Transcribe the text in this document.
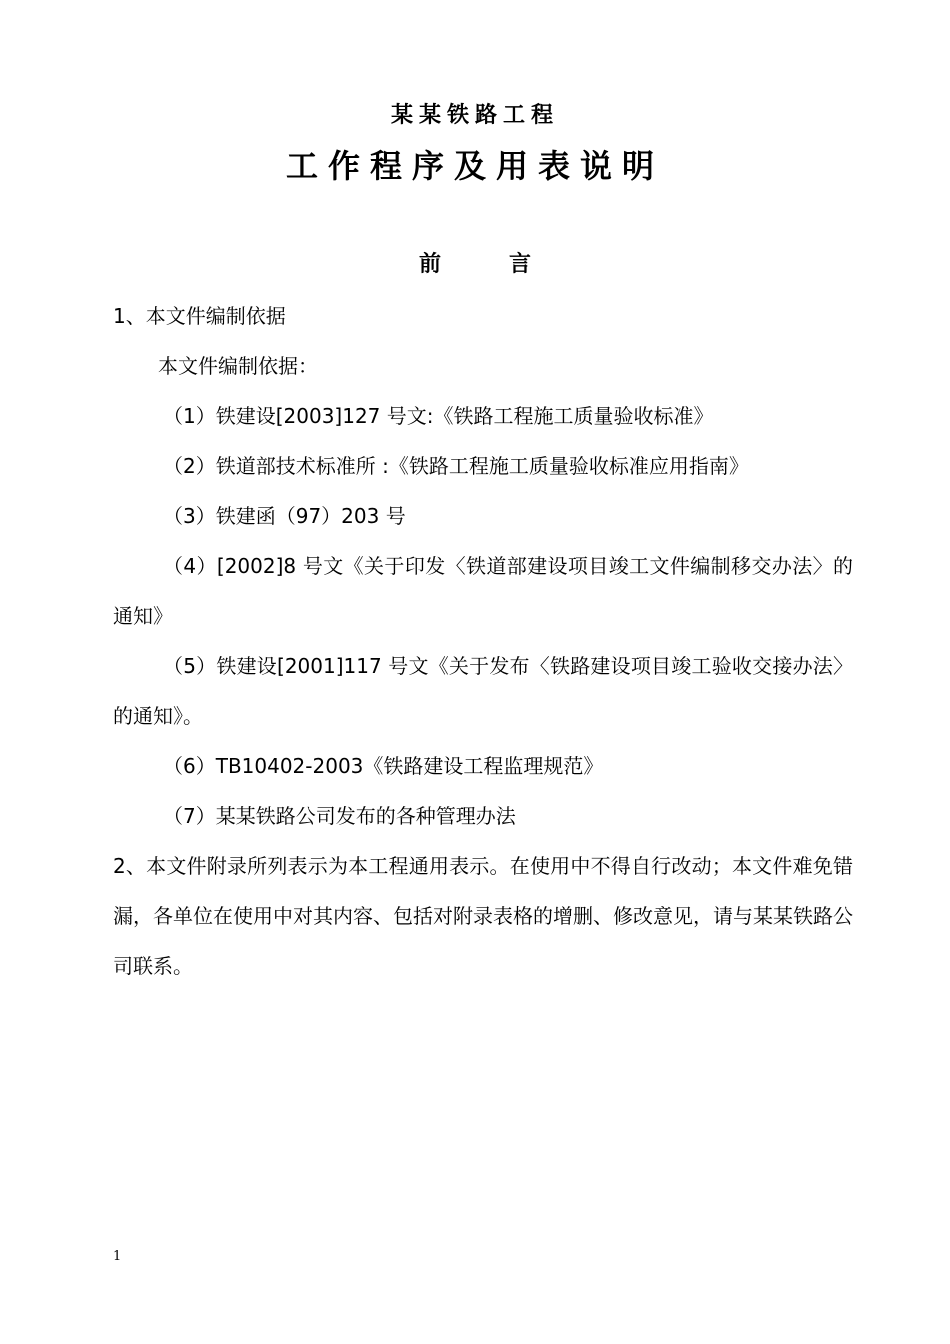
某某铁路工程
工作程序及用表说明
前	言

1、本文件编制依据

本文件编制依据：

（1）铁建设[2003]127 号文:《铁路工程施工质量验收标准》

（2）铁道部技术标准所 :《铁路工程施工质量验收标准应用指南》

（3）铁建函（97）203 号

（4）[2002]8 号文《关于印发〈铁道部建设项目竣工文件编制移交办法〉的通知》

（5）铁建设[2001]117 号文《关于发布〈铁路建设项目竣工验收交接办法〉的通知》。

（6）TB10402-2003《铁路建设工程监理规范》

（7）某某铁路公司发布的各种管理办法

2、本文件附录所列表示为本工程通用表示。在使用中不得自行改动；本文件难免错漏，各单位在使用中对其内容、包括对附录表格的增删、修改意见，请与某某铁路公司联系。

1
